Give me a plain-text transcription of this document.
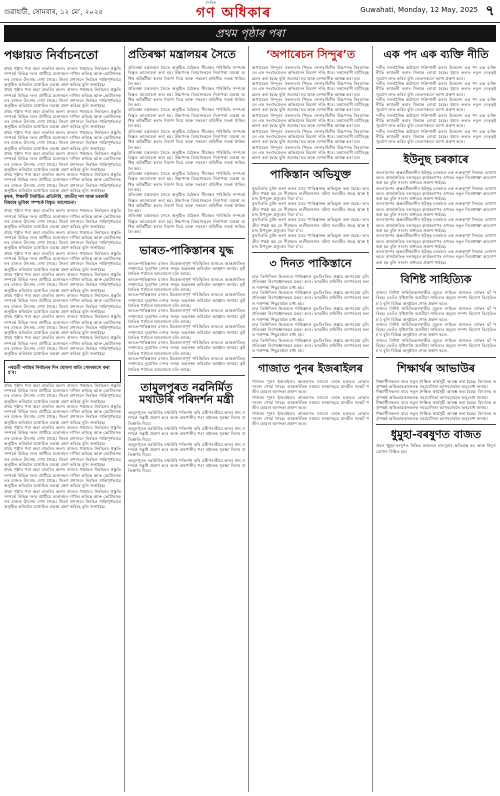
গুৱাহাটী, সোমবাৰ, ১২ মে’, ২০২৫
দৈনিক
গণ অধিকাৰ	Guwahati, Monday, 12 May, 2025 ৭
প্ৰথম পৃষ্ঠাৰ পৰা
পঞ্চায়ত নিৰ্বাচনতো

প্ৰথম পৃষ্ঠাৰ পৰা অহা বাতৰিৰ অংশ। ৰাজ্যৰ পঞ্চায়ত নিৰ্বাচনৰ প্ৰস্তুতি সম্পৰ্কে বিভিন্ন দলৰ প্ৰাৰ্থীয়ে মনোনয়ন দাখিল কৰিছে আৰু ভোটাৰসকলৰ মাজত উৎসাহ দেখা গৈছে। জিলা প্ৰশাসনে নিৰ্বাচন শান্তিপূৰ্ণভাৱে অনুষ্ঠিত কৰিবলৈ যথোচিত ব্যৱস্থা গ্ৰহণ কৰিছে বুলি জনাইছে।

প্ৰথম পৃষ্ঠাৰ পৰা অহা বাতৰিৰ অংশ। ৰাজ্যৰ পঞ্চায়ত নিৰ্বাচনৰ প্ৰস্তুতি সম্পৰ্কে বিভিন্ন দলৰ প্ৰাৰ্থীয়ে মনোনয়ন দাখিল কৰিছে আৰু ভোটাৰসকলৰ মাজত উৎসাহ দেখা গৈছে। জিলা প্ৰশাসনে নিৰ্বাচন শান্তিপূৰ্ণভাৱে অনুষ্ঠিত কৰিবলৈ যথোচিত ব্যৱস্থা গ্ৰহণ কৰিছে বুলি জনাইছে।

প্ৰথম পৃষ্ঠাৰ পৰা অহা বাতৰিৰ অংশ। ৰাজ্যৰ পঞ্চায়ত নিৰ্বাচনৰ প্ৰস্তুতি সম্পৰ্কে বিভিন্ন দলৰ প্ৰাৰ্থীয়ে মনোনয়ন দাখিল কৰিছে আৰু ভোটাৰসকলৰ মাজত উৎসাহ দেখা গৈছে। জিলা প্ৰশাসনে নিৰ্বাচন শান্তিপূৰ্ণভাৱে অনুষ্ঠিত কৰিবলৈ যথোচিত ব্যৱস্থা গ্ৰহণ কৰিছে বুলি জনাইছে।

প্ৰথম পৃষ্ঠাৰ পৰা অহা বাতৰিৰ অংশ। ৰাজ্যৰ পঞ্চায়ত নিৰ্বাচনৰ প্ৰস্তুতি সম্পৰ্কে বিভিন্ন দলৰ প্ৰাৰ্থীয়ে মনোনয়ন দাখিল কৰিছে আৰু ভোটাৰসকলৰ মাজত উৎসাহ দেখা গৈছে। জিলা প্ৰশাসনে নিৰ্বাচন শান্তিপূৰ্ণভাৱে অনুষ্ঠিত কৰিবলৈ যথোচিত ব্যৱস্থা গ্ৰহণ কৰিছে বুলি জনাইছে।

প্ৰথম পৃষ্ঠাৰ পৰা অহা বাতৰিৰ অংশ। ৰাজ্যৰ পঞ্চায়ত নিৰ্বাচনৰ প্ৰস্তুতি সম্পৰ্কে বিভিন্ন দলৰ প্ৰাৰ্থীয়ে মনোনয়ন দাখিল কৰিছে আৰু ভোটাৰসকলৰ মাজত উৎসাহ দেখা গৈছে। জিলা প্ৰশাসনে নিৰ্বাচন শান্তিপূৰ্ণভাৱে অনুষ্ঠিত কৰিবলৈ যথোচিত ব্যৱস্থা গ্ৰহণ কৰিছে বুলি জনাইছে।

প্ৰথম পৃষ্ঠাৰ পৰা অহা বাতৰিৰ অংশ। ৰাজ্যৰ পঞ্চায়ত নিৰ্বাচনৰ প্ৰস্তুতি সম্পৰ্কে বিভিন্ন দলৰ প্ৰাৰ্থীয়ে মনোনয়ন দাখিল কৰিছে আৰু ভোটাৰসকলৰ মাজত উৎসাহ দেখা গৈছে। জিলা প্ৰশাসনে নিৰ্বাচন শান্তিপূৰ্ণভাৱে অনুষ্ঠিত কৰিবলৈ যথোচিত ব্যৱস্থা গ্ৰহণ কৰিছে বুলি জনাইছে।

কৃষক, শিক্ষাৰ্থী নিৰ্বাচিত প্ৰতিনিধি, জাতীয় দল আৰু চৰকাৰী বিষয়াৰ ভূমিকা সম্পৰ্কে বিস্তৃত আলোচনা।

প্ৰথম পৃষ্ঠাৰ পৰা অহা বাতৰিৰ অংশ। ৰাজ্যৰ পঞ্চায়ত নিৰ্বাচনৰ প্ৰস্তুতি সম্পৰ্কে বিভিন্ন দলৰ প্ৰাৰ্থীয়ে মনোনয়ন দাখিল কৰিছে আৰু ভোটাৰসকলৰ মাজত উৎসাহ দেখা গৈছে। জিলা প্ৰশাসনে নিৰ্বাচন শান্তিপূৰ্ণভাৱে অনুষ্ঠিত কৰিবলৈ যথোচিত ব্যৱস্থা গ্ৰহণ কৰিছে বুলি জনাইছে।

প্ৰথম পৃষ্ঠাৰ পৰা অহা বাতৰিৰ অংশ। ৰাজ্যৰ পঞ্চায়ত নিৰ্বাচনৰ প্ৰস্তুতি সম্পৰ্কে বিভিন্ন দলৰ প্ৰাৰ্থীয়ে মনোনয়ন দাখিল কৰিছে আৰু ভোটাৰসকলৰ মাজত উৎসাহ দেখা গৈছে। জিলা প্ৰশাসনে নিৰ্বাচন শান্তিপূৰ্ণভাৱে অনুষ্ঠিত কৰিবলৈ যথোচিত ব্যৱস্থা গ্ৰহণ কৰিছে বুলি জনাইছে।

প্ৰথম পৃষ্ঠাৰ পৰা অহা বাতৰিৰ অংশ। ৰাজ্যৰ পঞ্চায়ত নিৰ্বাচনৰ প্ৰস্তুতি সম্পৰ্কে বিভিন্ন দলৰ প্ৰাৰ্থীয়ে মনোনয়ন দাখিল কৰিছে আৰু ভোটাৰসকলৰ মাজত উৎসাহ দেখা গৈছে। জিলা প্ৰশাসনে নিৰ্বাচন শান্তিপূৰ্ণভাৱে অনুষ্ঠিত কৰিবলৈ যথোচিত ব্যৱস্থা গ্ৰহণ কৰিছে বুলি জনাইছে।

প্ৰথম পৃষ্ঠাৰ পৰা অহা বাতৰিৰ অংশ। ৰাজ্যৰ পঞ্চায়ত নিৰ্বাচনৰ প্ৰস্তুতি সম্পৰ্কে বিভিন্ন দলৰ প্ৰাৰ্থীয়ে মনোনয়ন দাখিল কৰিছে আৰু ভোটাৰসকলৰ মাজত উৎসাহ দেখা গৈছে। জিলা প্ৰশাসনে নিৰ্বাচন শান্তিপূৰ্ণভাৱে অনুষ্ঠিত কৰিবলৈ যথোচিত ব্যৱস্থা গ্ৰহণ কৰিছে বুলি জনাইছে।

প্ৰথম পৃষ্ঠাৰ পৰা অহা বাতৰিৰ অংশ। ৰাজ্যৰ পঞ্চায়ত নিৰ্বাচনৰ প্ৰস্তুতি সম্পৰ্কে বিভিন্ন দলৰ প্ৰাৰ্থীয়ে মনোনয়ন দাখিল কৰিছে আৰু ভোটাৰসকলৰ মাজত উৎসাহ দেখা গৈছে। জিলা প্ৰশাসনে নিৰ্বাচন শান্তিপূৰ্ণভাৱে অনুষ্ঠিত কৰিবলৈ যথোচিত ব্যৱস্থা গ্ৰহণ কৰিছে বুলি জনাইছে।

প্ৰথম পৃষ্ঠাৰ পৰা অহা বাতৰিৰ অংশ। ৰাজ্যৰ পঞ্চায়ত নিৰ্বাচনৰ প্ৰস্তুতি সম্পৰ্কে বিভিন্ন দলৰ প্ৰাৰ্থীয়ে মনোনয়ন দাখিল কৰিছে আৰু ভোটাৰসকলৰ মাজত উৎসাহ দেখা গৈছে। জিলা প্ৰশাসনে নিৰ্বাচন শান্তিপূৰ্ণভাৱে অনুষ্ঠিত কৰিবলৈ যথোচিত ব্যৱস্থা গ্ৰহণ কৰিছে বুলি জনাইছে।

প্ৰথম পৃষ্ঠাৰ পৰা অহা বাতৰিৰ অংশ। ৰাজ্যৰ পঞ্চায়ত নিৰ্বাচনৰ প্ৰস্তুতি সম্পৰ্কে বিভিন্ন দলৰ প্ৰাৰ্থীয়ে মনোনয়ন দাখিল কৰিছে আৰু ভোটাৰসকলৰ মাজত উৎসাহ দেখা গৈছে। জিলা প্ৰশাসনে নিৰ্বাচন শান্তিপূৰ্ণভাৱে অনুষ্ঠিত কৰিবলৈ যথোচিত ব্যৱস্থা গ্ৰহণ কৰিছে বুলি জনাইছে।

পৰৱৰ্তী পৰ্যায়ৰ নিৰ্বাচনৰ দিন ঘোষণা অতি সোনকালে কৰা হ’ব।

প্ৰথম পৃষ্ঠাৰ পৰা অহা বাতৰিৰ অংশ। ৰাজ্যৰ পঞ্চায়ত নিৰ্বাচনৰ প্ৰস্তুতি সম্পৰ্কে বিভিন্ন দলৰ প্ৰাৰ্থীয়ে মনোনয়ন দাখিল কৰিছে আৰু ভোটাৰসকলৰ মাজত উৎসাহ দেখা গৈছে। জিলা প্ৰশাসনে নিৰ্বাচন শান্তিপূৰ্ণভাৱে অনুষ্ঠিত কৰিবলৈ যথোচিত ব্যৱস্থা গ্ৰহণ কৰিছে বুলি জনাইছে।

প্ৰথম পৃষ্ঠাৰ পৰা অহা বাতৰিৰ অংশ। ৰাজ্যৰ পঞ্চায়ত নিৰ্বাচনৰ প্ৰস্তুতি সম্পৰ্কে বিভিন্ন দলৰ প্ৰাৰ্থীয়ে মনোনয়ন দাখিল কৰিছে আৰু ভোটাৰসকলৰ মাজত উৎসাহ দেখা গৈছে। জিলা প্ৰশাসনে নিৰ্বাচন শান্তিপূৰ্ণভাৱে অনুষ্ঠিত কৰিবলৈ যথোচিত ব্যৱস্থা গ্ৰহণ কৰিছে বুলি জনাইছে।

প্ৰথম পৃষ্ঠাৰ পৰা অহা বাতৰিৰ অংশ। ৰাজ্যৰ পঞ্চায়ত নিৰ্বাচনৰ প্ৰস্তুতি সম্পৰ্কে বিভিন্ন দলৰ প্ৰাৰ্থীয়ে মনোনয়ন দাখিল কৰিছে আৰু ভোটাৰসকলৰ মাজত উৎসাহ দেখা গৈছে। জিলা প্ৰশাসনে নিৰ্বাচন শান্তিপূৰ্ণভাৱে অনুষ্ঠিত কৰিবলৈ যথোচিত ব্যৱস্থা গ্ৰহণ কৰিছে বুলি জনাইছে।

প্ৰথম পৃষ্ঠাৰ পৰা অহা বাতৰিৰ অংশ। ৰাজ্যৰ পঞ্চায়ত নিৰ্বাচনৰ প্ৰস্তুতি সম্পৰ্কে বিভিন্ন দলৰ প্ৰাৰ্থীয়ে মনোনয়ন দাখিল কৰিছে আৰু ভোটাৰসকলৰ মাজত উৎসাহ দেখা গৈছে। জিলা প্ৰশাসনে নিৰ্বাচন শান্তিপূৰ্ণভাৱে অনুষ্ঠিত কৰিবলৈ যথোচিত ব্যৱস্থা গ্ৰহণ কৰিছে বুলি জনাইছে।

প্ৰথম পৃষ্ঠাৰ পৰা অহা বাতৰিৰ অংশ। ৰাজ্যৰ পঞ্চায়ত নিৰ্বাচনৰ প্ৰস্তুতি সম্পৰ্কে বিভিন্ন দলৰ প্ৰাৰ্থীয়ে মনোনয়ন দাখিল কৰিছে আৰু ভোটাৰসকলৰ মাজত উৎসাহ দেখা গৈছে। জিলা প্ৰশাসনে নিৰ্বাচন শান্তিপূৰ্ণভাৱে অনুষ্ঠিত কৰিবলৈ যথোচিত ব্যৱস্থা গ্ৰহণ কৰিছে বুলি জনাইছে।

প্ৰথম পৃষ্ঠাৰ পৰা অহা বাতৰিৰ অংশ। ৰাজ্যৰ পঞ্চায়ত নিৰ্বাচনৰ প্ৰস্তুতি সম্পৰ্কে বিভিন্ন দলৰ প্ৰাৰ্থীয়ে মনোনয়ন দাখিল কৰিছে আৰু ভোটাৰসকলৰ মাজত উৎসাহ দেখা গৈছে। জিলা প্ৰশাসনে নিৰ্বাচন শান্তিপূৰ্ণভাৱে অনুষ্ঠিত কৰিবলৈ যথোচিত ব্যৱস্থা গ্ৰহণ কৰিছে বুলি জনাইছে।

প্ৰতিৰক্ষা মন্ত্ৰালয়ৰ সৈতে

প্ৰতিৰক্ষা মন্ত্ৰালয়ৰ সৈতে অনুষ্ঠিত বৈঠকত সীমান্তৰ পৰিস্থিতি সম্পৰ্কে বিস্তৃত আলোচনা কৰা হয়। উচ্চপদস্থ বিষয়াসকলে নিৰাপত্তা ব্যৱস্থা অধিক কটকটীয়া কৰাৰ নিৰ্দেশ দিয়ে আৰু সকলো বাহিনীক সতৰ্ক থাকিবলৈ কয়।

প্ৰতিৰক্ষা মন্ত্ৰালয়ৰ সৈতে অনুষ্ঠিত বৈঠকত সীমান্তৰ পৰিস্থিতি সম্পৰ্কে বিস্তৃত আলোচনা কৰা হয়। উচ্চপদস্থ বিষয়াসকলে নিৰাপত্তা ব্যৱস্থা অধিক কটকটীয়া কৰাৰ নিৰ্দেশ দিয়ে আৰু সকলো বাহিনীক সতৰ্ক থাকিবলৈ কয়।

প্ৰতিৰক্ষা মন্ত্ৰালয়ৰ সৈতে অনুষ্ঠিত বৈঠকত সীমান্তৰ পৰিস্থিতি সম্পৰ্কে বিস্তৃত আলোচনা কৰা হয়। উচ্চপদস্থ বিষয়াসকলে নিৰাপত্তা ব্যৱস্থা অধিক কটকটীয়া কৰাৰ নিৰ্দেশ দিয়ে আৰু সকলো বাহিনীক সতৰ্ক থাকিবলৈ কয়।

প্ৰতিৰক্ষা মন্ত্ৰালয়ৰ সৈতে অনুষ্ঠিত বৈঠকত সীমান্তৰ পৰিস্থিতি সম্পৰ্কে বিস্তৃত আলোচনা কৰা হয়। উচ্চপদস্থ বিষয়াসকলে নিৰাপত্তা ব্যৱস্থা অধিক কটকটীয়া কৰাৰ নিৰ্দেশ দিয়ে আৰু সকলো বাহিনীক সতৰ্ক থাকিবলৈ কয়।

প্ৰতিৰক্ষা মন্ত্ৰালয়ৰ সৈতে অনুষ্ঠিত বৈঠকত সীমান্তৰ পৰিস্থিতি সম্পৰ্কে বিস্তৃত আলোচনা কৰা হয়। উচ্চপদস্থ বিষয়াসকলে নিৰাপত্তা ব্যৱস্থা অধিক কটকটীয়া কৰাৰ নিৰ্দেশ দিয়ে আৰু সকলো বাহিনীক সতৰ্ক থাকিবলৈ কয়।

প্ৰতিৰক্ষা মন্ত্ৰালয়ৰ সৈতে অনুষ্ঠিত বৈঠকত সীমান্তৰ পৰিস্থিতি সম্পৰ্কে বিস্তৃত আলোচনা কৰা হয়। উচ্চপদস্থ বিষয়াসকলে নিৰাপত্তা ব্যৱস্থা অধিক কটকটীয়া কৰাৰ নিৰ্দেশ দিয়ে আৰু সকলো বাহিনীক সতৰ্ক থাকিবলৈ কয়।

প্ৰতিৰক্ষা মন্ত্ৰালয়ৰ সৈতে অনুষ্ঠিত বৈঠকত সীমান্তৰ পৰিস্থিতি সম্পৰ্কে বিস্তৃত আলোচনা কৰা হয়। উচ্চপদস্থ বিষয়াসকলে নিৰাপত্তা ব্যৱস্থা অধিক কটকটীয়া কৰাৰ নিৰ্দেশ দিয়ে আৰু সকলো বাহিনীক সতৰ্ক থাকিবলৈ কয়।

প্ৰতিৰক্ষা মন্ত্ৰালয়ৰ সৈতে অনুষ্ঠিত বৈঠকত সীমান্তৰ পৰিস্থিতি সম্পৰ্কে বিস্তৃত আলোচনা কৰা হয়। উচ্চপদস্থ বিষয়াসকলে নিৰাপত্তা ব্যৱস্থা অধিক কটকটীয়া কৰাৰ নিৰ্দেশ দিয়ে আৰু সকলো বাহিনীক সতৰ্ক থাকিবলৈ কয়।

ভাৰত-পাকিস্তানৰ যুদ্ধ

ভাৰত-পাকিস্তানৰ মাজৰ উত্তেজনাপূৰ্ণ পৰিস্থিতিৰ মাজতে আন্তৰ্জাতিক সম্প্ৰদায়ে দুয়োখন দেশক সংযম অৱলম্বন কৰিবলৈ আহ্বান জনায়। কূটনৈতিক পৰ্যায়ত আলোচনা চলি আছে।

ভাৰত-পাকিস্তানৰ মাজৰ উত্তেজনাপূৰ্ণ পৰিস্থিতিৰ মাজতে আন্তৰ্জাতিক সম্প্ৰদায়ে দুয়োখন দেশক সংযম অৱলম্বন কৰিবলৈ আহ্বান জনায়। কূটনৈতিক পৰ্যায়ত আলোচনা চলি আছে।

ভাৰত-পাকিস্তানৰ মাজৰ উত্তেজনাপূৰ্ণ পৰিস্থিতিৰ মাজতে আন্তৰ্জাতিক সম্প্ৰদায়ে দুয়োখন দেশক সংযম অৱলম্বন কৰিবলৈ আহ্বান জনায়। কূটনৈতিক পৰ্যায়ত আলোচনা চলি আছে।

ভাৰত-পাকিস্তানৰ মাজৰ উত্তেজনাপূৰ্ণ পৰিস্থিতিৰ মাজতে আন্তৰ্জাতিক সম্প্ৰদায়ে দুয়োখন দেশক সংযম অৱলম্বন কৰিবলৈ আহ্বান জনায়। কূটনৈতিক পৰ্যায়ত আলোচনা চলি আছে।

ভাৰত-পাকিস্তানৰ মাজৰ উত্তেজনাপূৰ্ণ পৰিস্থিতিৰ মাজতে আন্তৰ্জাতিক সম্প্ৰদায়ে দুয়োখন দেশক সংযম অৱলম্বন কৰিবলৈ আহ্বান জনায়। কূটনৈতিক পৰ্যায়ত আলোচনা চলি আছে।

ভাৰত-পাকিস্তানৰ মাজৰ উত্তেজনাপূৰ্ণ পৰিস্থিতিৰ মাজতে আন্তৰ্জাতিক সম্প্ৰদায়ে দুয়োখন দেশক সংযম অৱলম্বন কৰিবলৈ আহ্বান জনায়। কূটনৈতিক পৰ্যায়ত আলোচনা চলি আছে।

ভাৰত-পাকিস্তানৰ মাজৰ উত্তেজনাপূৰ্ণ পৰিস্থিতিৰ মাজতে আন্তৰ্জাতিক সম্প্ৰদায়ে দুয়োখন দেশক সংযম অৱলম্বন কৰিবলৈ আহ্বান জনায়। কূটনৈতিক পৰ্যায়ত আলোচনা চলি আছে।

তামুলপুৰত নৱনিৰ্মিত মথাউৰি পৰিদৰ্শন মন্ত্ৰী

তামুলপুৰত নৱনিৰ্মিত মথাউৰি পৰিদৰ্শন কৰি মন্ত্ৰীগৰাকীয়ে কামৰ মান সম্পৰ্কে সন্তুষ্টি প্ৰকাশ কৰে আৰু বানপানীৰ পৰা ৰাইজক সুৰক্ষা দিয়াৰ প্ৰতিশ্ৰুতি দিয়ে।

তামুলপুৰত নৱনিৰ্মিত মথাউৰি পৰিদৰ্শন কৰি মন্ত্ৰীগৰাকীয়ে কামৰ মান সম্পৰ্কে সন্তুষ্টি প্ৰকাশ কৰে আৰু বানপানীৰ পৰা ৰাইজক সুৰক্ষা দিয়াৰ প্ৰতিশ্ৰুতি দিয়ে।

তামুলপুৰত নৱনিৰ্মিত মথাউৰি পৰিদৰ্শন কৰি মন্ত্ৰীগৰাকীয়ে কামৰ মান সম্পৰ্কে সন্তুষ্টি প্ৰকাশ কৰে আৰু বানপানীৰ পৰা ৰাইজক সুৰক্ষা দিয়াৰ প্ৰতিশ্ৰুতি দিয়ে।

তামুলপুৰত নৱনিৰ্মিত মথাউৰি পৰিদৰ্শন কৰি মন্ত্ৰীগৰাকীয়ে কামৰ মান সম্পৰ্কে সন্তুষ্টি প্ৰকাশ কৰে আৰু বানপানীৰ পৰা ৰাইজক সুৰক্ষা দিয়াৰ প্ৰতিশ্ৰুতি দিয়ে।

‘অপাৰেচন সিন্দুৰ’ত

অপাৰেচন সিন্দুৰৰ সফলতাৰ পিছত সেনাবাহিনীৰ উচ্চপদস্থ বিষয়াসকলে এক সংবাদমেলত অভিযানৰ বিৱৰণ দাঙি ধৰে। সন্ত্ৰাসবাদী ঘাটিসমূহ ধ্বংস কৰা হৈছে বুলি জনোৱা হয় আৰু দেশবাসীক আশ্বস্ত কৰা হয়।

অপাৰেচন সিন্দুৰৰ সফলতাৰ পিছত সেনাবাহিনীৰ উচ্চপদস্থ বিষয়াসকলে এক সংবাদমেলত অভিযানৰ বিৱৰণ দাঙি ধৰে। সন্ত্ৰাসবাদী ঘাটিসমূহ ধ্বংস কৰা হৈছে বুলি জনোৱা হয় আৰু দেশবাসীক আশ্বস্ত কৰা হয়।

অপাৰেচন সিন্দুৰৰ সফলতাৰ পিছত সেনাবাহিনীৰ উচ্চপদস্থ বিষয়াসকলে এক সংবাদমেলত অভিযানৰ বিৱৰণ দাঙি ধৰে। সন্ত্ৰাসবাদী ঘাটিসমূহ ধ্বংস কৰা হৈছে বুলি জনোৱা হয় আৰু দেশবাসীক আশ্বস্ত কৰা হয়।

অপাৰেচন সিন্দুৰৰ সফলতাৰ পিছত সেনাবাহিনীৰ উচ্চপদস্থ বিষয়াসকলে এক সংবাদমেলত অভিযানৰ বিৱৰণ দাঙি ধৰে। সন্ত্ৰাসবাদী ঘাটিসমূহ ধ্বংস কৰা হৈছে বুলি জনোৱা হয় আৰু দেশবাসীক আশ্বস্ত কৰা হয়।

অপাৰেচন সিন্দুৰৰ সফলতাৰ পিছত সেনাবাহিনীৰ উচ্চপদস্থ বিষয়াসকলে এক সংবাদমেলত অভিযানৰ বিৱৰণ দাঙি ধৰে। সন্ত্ৰাসবাদী ঘাটিসমূহ ধ্বংস কৰা হৈছে বুলি জনোৱা হয় আৰু দেশবাসীক আশ্বস্ত কৰা হয়।

অপাৰেচন সিন্দুৰৰ সফলতাৰ পিছত সেনাবাহিনীৰ উচ্চপদস্থ বিষয়াসকলে এক সংবাদমেলত অভিযানৰ বিৱৰণ দাঙি ধৰে। সন্ত্ৰাসবাদী ঘাটিসমূহ ধ্বংস কৰা হৈছে বুলি জনোৱা হয় আৰু দেশবাসীক আশ্বস্ত কৰা হয়।

পাকিস্তান অভিযুক্ত

যুদ্ধবিৰতি চুক্তি ভংগ কৰাৰ বাবে পাকিস্তানক অভিযুক্ত কৰা হৈছে। ভাৰতীয় পক্ষই কয় যে সীমান্তত গুলীচালনাৰ ঘটনা সংঘটিত হৈছে আৰু ইয়াৰ উপযুক্ত প্ৰত্যুত্তৰ দিয়া হ’ব।

যুদ্ধবিৰতি চুক্তি ভংগ কৰাৰ বাবে পাকিস্তানক অভিযুক্ত কৰা হৈছে। ভাৰতীয় পক্ষই কয় যে সীমান্তত গুলীচালনাৰ ঘটনা সংঘটিত হৈছে আৰু ইয়াৰ উপযুক্ত প্ৰত্যুত্তৰ দিয়া হ’ব।

যুদ্ধবিৰতি চুক্তি ভংগ কৰাৰ বাবে পাকিস্তানক অভিযুক্ত কৰা হৈছে। ভাৰতীয় পক্ষই কয় যে সীমান্তত গুলীচালনাৰ ঘটনা সংঘটিত হৈছে আৰু ইয়াৰ উপযুক্ত প্ৰত্যুত্তৰ দিয়া হ’ব।

যুদ্ধবিৰতি চুক্তি ভংগ কৰাৰ বাবে পাকিস্তানক অভিযুক্ত কৰা হৈছে। ভাৰতীয় পক্ষই কয় যে সীমান্তত গুলীচালনাৰ ঘটনা সংঘটিত হৈছে আৰু ইয়াৰ উপযুক্ত প্ৰত্যুত্তৰ দিয়া হ’ব।

৩ দিনত পাকিস্তানে

মাত্ৰ তিনিদিনৰ ভিতৰতে পাকিস্তানে যুদ্ধবিৰতিৰ প্ৰস্তাৱ আগবঢ়ায় বুলি প্ৰতিৰক্ষা বিশেষজ্ঞসকলে মন্তব্য কৰে। ভাৰতীয় বাহিনীৰ তৎপৰতাৰ ফলত শত্ৰুপক্ষ পিছুৱাবলৈ বাধ্য হয়।

মাত্ৰ তিনিদিনৰ ভিতৰতে পাকিস্তানে যুদ্ধবিৰতিৰ প্ৰস্তাৱ আগবঢ়ায় বুলি প্ৰতিৰক্ষা বিশেষজ্ঞসকলে মন্তব্য কৰে। ভাৰতীয় বাহিনীৰ তৎপৰতাৰ ফলত শত্ৰুপক্ষ পিছুৱাবলৈ বাধ্য হয়।

মাত্ৰ তিনিদিনৰ ভিতৰতে পাকিস্তানে যুদ্ধবিৰতিৰ প্ৰস্তাৱ আগবঢ়ায় বুলি প্ৰতিৰক্ষা বিশেষজ্ঞসকলে মন্তব্য কৰে। ভাৰতীয় বাহিনীৰ তৎপৰতাৰ ফলত শত্ৰুপক্ষ পিছুৱাবলৈ বাধ্য হয়।

মাত্ৰ তিনিদিনৰ ভিতৰতে পাকিস্তানে যুদ্ধবিৰতিৰ প্ৰস্তাৱ আগবঢ়ায় বুলি প্ৰতিৰক্ষা বিশেষজ্ঞসকলে মন্তব্য কৰে। ভাৰতীয় বাহিনীৰ তৎপৰতাৰ ফলত শত্ৰুপক্ষ পিছুৱাবলৈ বাধ্য হয়।

মাত্ৰ তিনিদিনৰ ভিতৰতে পাকিস্তানে যুদ্ধবিৰতিৰ প্ৰস্তাৱ আগবঢ়ায় বুলি প্ৰতিৰক্ষা বিশেষজ্ঞসকলে মন্তব্য কৰে। ভাৰতীয় বাহিনীৰ তৎপৰতাৰ ফলত শত্ৰুপক্ষ পিছুৱাবলৈ বাধ্য হয়।

গাজাত পুনৰ ইজৰাইলৰ

গাজাত পুনৰ ইজৰাইলৰ আক্ৰমণত বহুতো লোক হতাহত হোৱাৰ সংবাদ পোৱা গৈছে। আন্তৰ্জাতিক সাহায্য সংস্থাসমূহে মানৱীয় সংকট গভীৰ হোৱাৰ আশংকা প্ৰকাশ কৰে।

গাজাত পুনৰ ইজৰাইলৰ আক্ৰমণত বহুতো লোক হতাহত হোৱাৰ সংবাদ পোৱা গৈছে। আন্তৰ্জাতিক সাহায্য সংস্থাসমূহে মানৱীয় সংকট গভীৰ হোৱাৰ আশংকা প্ৰকাশ কৰে।

গাজাত পুনৰ ইজৰাইলৰ আক্ৰমণত বহুতো লোক হতাহত হোৱাৰ সংবাদ পোৱা গৈছে। আন্তৰ্জাতিক সাহায্য সংস্থাসমূহে মানৱীয় সংকট গভীৰ হোৱাৰ আশংকা প্ৰকাশ কৰে।

এক পদ এক ব্যক্তি নীতি

দলীয় সাংগঠনিক কাঠামো শক্তিশালী কৰাৰ উদ্দেশ্যে এক পদ এক ব্যক্তি নীতি কাৰ্যকৰী কৰাৰ সিদ্ধান্ত লোৱা হৈছে। ইয়াৰ ফলত নতুন নেতৃত্বই সুযোগ লাভ কৰিব বুলি নেতাসকলে আশা প্ৰকাশ কৰে।

দলীয় সাংগঠনিক কাঠামো শক্তিশালী কৰাৰ উদ্দেশ্যে এক পদ এক ব্যক্তি নীতি কাৰ্যকৰী কৰাৰ সিদ্ধান্ত লোৱা হৈছে। ইয়াৰ ফলত নতুন নেতৃত্বই সুযোগ লাভ কৰিব বুলি নেতাসকলে আশা প্ৰকাশ কৰে।

দলীয় সাংগঠনিক কাঠামো শক্তিশালী কৰাৰ উদ্দেশ্যে এক পদ এক ব্যক্তি নীতি কাৰ্যকৰী কৰাৰ সিদ্ধান্ত লোৱা হৈছে। ইয়াৰ ফলত নতুন নেতৃত্বই সুযোগ লাভ কৰিব বুলি নেতাসকলে আশা প্ৰকাশ কৰে।

দলীয় সাংগঠনিক কাঠামো শক্তিশালী কৰাৰ উদ্দেশ্যে এক পদ এক ব্যক্তি নীতি কাৰ্যকৰী কৰাৰ সিদ্ধান্ত লোৱা হৈছে। ইয়াৰ ফলত নতুন নেতৃত্বই সুযোগ লাভ কৰিব বুলি নেতাসকলে আশা প্ৰকাশ কৰে।

দলীয় সাংগঠনিক কাঠামো শক্তিশালী কৰাৰ উদ্দেশ্যে এক পদ এক ব্যক্তি নীতি কাৰ্যকৰী কৰাৰ সিদ্ধান্ত লোৱা হৈছে। ইয়াৰ ফলত নতুন নেতৃত্বই সুযোগ লাভ কৰিব বুলি নেতাসকলে আশা প্ৰকাশ কৰে।

ইউনুছ চৰকাৰে

বাংলাদেশৰ অন্তৰ্বৰ্তীকালীন ইউনুছ চৰকাৰে এক গুৰুত্বপূৰ্ণ সিদ্ধান্ত ঘোষণা কৰে। ৰাজনৈতিক দলসমূহৰ কাৰ্যকলাপৰ ওপৰত নতুন নিষেধাজ্ঞা আৰোপ কৰা হয় বুলি সংবাদ মাধ্যমত প্ৰকাশ পাইছে।

বাংলাদেশৰ অন্তৰ্বৰ্তীকালীন ইউনুছ চৰকাৰে এক গুৰুত্বপূৰ্ণ সিদ্ধান্ত ঘোষণা কৰে। ৰাজনৈতিক দলসমূহৰ কাৰ্যকলাপৰ ওপৰত নতুন নিষেধাজ্ঞা আৰোপ কৰা হয় বুলি সংবাদ মাধ্যমত প্ৰকাশ পাইছে।

বাংলাদেশৰ অন্তৰ্বৰ্তীকালীন ইউনুছ চৰকাৰে এক গুৰুত্বপূৰ্ণ সিদ্ধান্ত ঘোষণা কৰে। ৰাজনৈতিক দলসমূহৰ কাৰ্যকলাপৰ ওপৰত নতুন নিষেধাজ্ঞা আৰোপ কৰা হয় বুলি সংবাদ মাধ্যমত প্ৰকাশ পাইছে।

বাংলাদেশৰ অন্তৰ্বৰ্তীকালীন ইউনুছ চৰকাৰে এক গুৰুত্বপূৰ্ণ সিদ্ধান্ত ঘোষণা কৰে। ৰাজনৈতিক দলসমূহৰ কাৰ্যকলাপৰ ওপৰত নতুন নিষেধাজ্ঞা আৰোপ কৰা হয় বুলি সংবাদ মাধ্যমত প্ৰকাশ পাইছে।

বাংলাদেশৰ অন্তৰ্বৰ্তীকালীন ইউনুছ চৰকাৰে এক গুৰুত্বপূৰ্ণ সিদ্ধান্ত ঘোষণা কৰে। ৰাজনৈতিক দলসমূহৰ কাৰ্যকলাপৰ ওপৰত নতুন নিষেধাজ্ঞা আৰোপ কৰা হয় বুলি সংবাদ মাধ্যমত প্ৰকাশ পাইছে।

বাংলাদেশৰ অন্তৰ্বৰ্তীকালীন ইউনুছ চৰকাৰে এক গুৰুত্বপূৰ্ণ সিদ্ধান্ত ঘোষণা কৰে। ৰাজনৈতিক দলসমূহৰ কাৰ্যকলাপৰ ওপৰত নতুন নিষেধাজ্ঞা আৰোপ কৰা হয় বুলি সংবাদ মাধ্যমত প্ৰকাশ পাইছে।

বিশিষ্ট সাহিত্যিক

ৰাজ্যৰ বিশিষ্ট সাহিত্যিকগৰাকীৰ মৃত্যুত সাহিত্য জগতত শোকৰ ছাঁ পৰিছে। তেওঁৰ সৃষ্টিৰাজি অসমীয়া সাহিত্যৰ অমূল্য সম্পদ হিচাপে বিবেচিত হ’ব বুলি বিভিন্ন অনুষ্ঠানে শোক প্ৰকাশ কৰে।

ৰাজ্যৰ বিশিষ্ট সাহিত্যিকগৰাকীৰ মৃত্যুত সাহিত্য জগতত শোকৰ ছাঁ পৰিছে। তেওঁৰ সৃষ্টিৰাজি অসমীয়া সাহিত্যৰ অমূল্য সম্পদ হিচাপে বিবেচিত হ’ব বুলি বিভিন্ন অনুষ্ঠানে শোক প্ৰকাশ কৰে।

ৰাজ্যৰ বিশিষ্ট সাহিত্যিকগৰাকীৰ মৃত্যুত সাহিত্য জগতত শোকৰ ছাঁ পৰিছে। তেওঁৰ সৃষ্টিৰাজি অসমীয়া সাহিত্যৰ অমূল্য সম্পদ হিচাপে বিবেচিত হ’ব বুলি বিভিন্ন অনুষ্ঠানে শোক প্ৰকাশ কৰে।

ৰাজ্যৰ বিশিষ্ট সাহিত্যিকগৰাকীৰ মৃত্যুত সাহিত্য জগতত শোকৰ ছাঁ পৰিছে। তেওঁৰ সৃষ্টিৰাজি অসমীয়া সাহিত্যৰ অমূল্য সম্পদ হিচাপে বিবেচিত হ’ব বুলি বিভিন্ন অনুষ্ঠানে শোক প্ৰকাশ কৰে।

শিক্ষাৰ্থৰ আভাউৰ

শিক্ষাৰ্থীসকলৰ বাবে নতুন শৈক্ষিক কাৰ্যসূচী আৰম্ভ কৰা হৈছে। বিদ্যালয় কৰ্তৃপক্ষই অভিভাৱকসকলক সহযোগিতা আগবঢ়াবলৈ অনুৰোধ জনায়।

শিক্ষাৰ্থীসকলৰ বাবে নতুন শৈক্ষিক কাৰ্যসূচী আৰম্ভ কৰা হৈছে। বিদ্যালয় কৰ্তৃপক্ষই অভিভাৱকসকলক সহযোগিতা আগবঢ়াবলৈ অনুৰোধ জনায়।

শিক্ষাৰ্থীসকলৰ বাবে নতুন শৈক্ষিক কাৰ্যসূচী আৰম্ভ কৰা হৈছে। বিদ্যালয় কৰ্তৃপক্ষই অভিভাৱকসকলক সহযোগিতা আগবঢ়াবলৈ অনুৰোধ জনায়।

শিক্ষাৰ্থীসকলৰ বাবে নতুন শৈক্ষিক কাৰ্যসূচী আৰম্ভ কৰা হৈছে। বিদ্যালয় কৰ্তৃপক্ষই অভিভাৱকসকলক সহযোগিতা আগবঢ়াবলৈ অনুৰোধ জনায়।

ধুমুহা-বৰষুণত বাজত

প্ৰবল ধুমুহা-বৰষুণত বিভিন্ন অঞ্চলত ঘৰ-দুৱাৰ ক্ষতিগ্ৰস্ত হয় আৰু বিদ্যুৎ যোগান বিঘ্নিত হয়।
